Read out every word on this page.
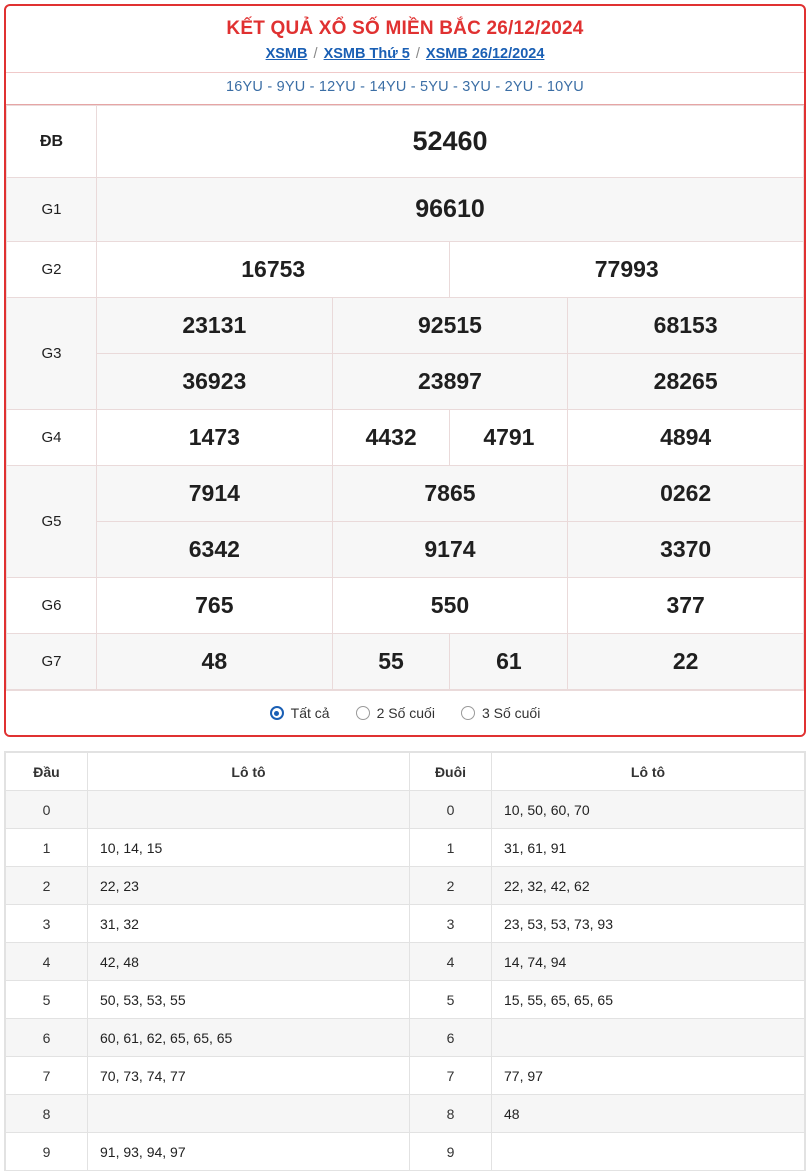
KẾT QUẢ XỔ SỐ MIỀN BẮC 26/12/2024
XSMB / XSMB Thứ 5 / XSMB 26/12/2024
16YU - 9YU - 12YU - 14YU - 5YU - 3YU - 2YU - 10YU
ĐB	52460			
G1	96610			
G2	16753		77993	
G3	23131	92515		68153
	36923	23897		28265
G4	1473	4432	4791	4894
G5	7914	7865		0262
	6342	9174		3370
G6	765	550		377
G7	48	55	61	22
Tất cả	2 Số cuối	3 Số cuối
Đầu	Lô tô	Đuôi	Lô tô
0		0	10, 50, 60, 70
1	10, 14, 15	1	31, 61, 91
2	22, 23	2	22, 32, 42, 62
3	31, 32	3	23, 53, 53, 73, 93
4	42, 48	4	14, 74, 94
5	50, 53, 53, 55	5	15, 55, 65, 65, 65
6	60, 61, 62, 65, 65, 65	6	
7	70, 73, 74, 77	7	77, 97
8		8	48
9	91, 93, 94, 97	9	
